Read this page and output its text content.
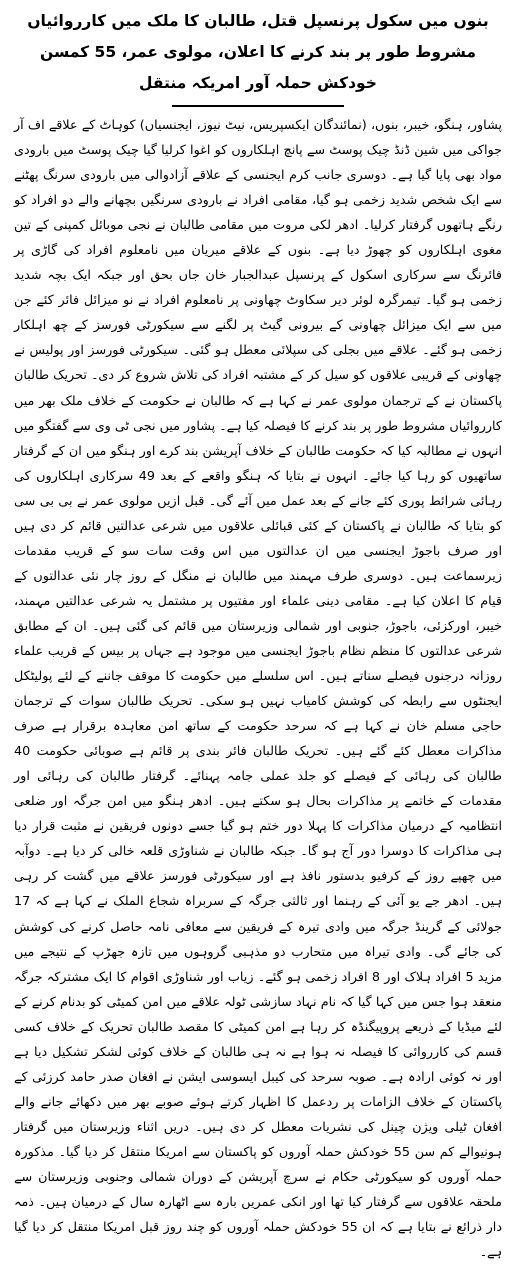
بنوں میں سکول پرنسپل قتل، طالبان کا ملک میں کارروائیاں مشروط طور پر بند کرنے کا اعلان، مولوی عمر، 55 کمسن خودکش حملہ آور امریکہ منتقل

پشاور، ہنگو، خیبر، بنوں، (نمائندگان ایکسپریس، نیٹ نیوز، ایجنسیاں) کوہاٹ کے علاقے اف آر جواکی میں شین ڈنڈ چیک پوسٹ سے پانچ اہلکاروں کو اغوا کرلیا گیا چیک پوسٹ میں بارودی مواد بھی پایا گیا ہے۔ دوسری جانب کرم ایجنسی کے علاقے آزادوالی میں بارودی سرنگ پھٹنے سے ایک شخص شدید زخمی ہو گیا، مقامی افراد نے بارودی سرنگیں بچھانے والے دو افراد کو رنگے ہاتھوں گرفتار کرلیا۔ ادھر لکی مروت میں مقامی طالبان نے نجی موبائل کمپنی کے تین مغوی اہلکاروں کو چھوڑ دیا ہے۔ بنوں کے علاقے میریان میں نامعلوم افراد کی گاڑی پر فائرنگ سے سرکاری اسکول کے پرنسپل عبدالجبار خان جاں بحق اور جبکہ ایک بچہ شدید زخمی ہو گیا۔ تیمرگرہ لوئر دیر سکاوٹ چھاونی پر نامعلوم افراد نے نو میزائل فائر کئے جن میں سے ایک میزائل چھاونی کے بیرونی گیٹ پر لگنے سے سیکورٹی فورسز کے چھ اہلکار زخمی ہو گئے۔ علاقے میں بجلی کی سپلائی معطل ہو گئی۔ سیکورٹی فورسز اور پولیس نے چھاونی کے قریبی علاقوں کو سیل کر کے مشتبہ افراد کی تلاش شروع کر دی۔ تحریک طالبان پاکستان نے کے ترجمان مولوی عمر نے کہا ہے کہ طالبان نے حکومت کے خلاف ملک بھر میں کارروائیاں مشروط طور پر بند کرنے کا فیصلہ کیا ہے۔ پشاور میں نجی ٹی وی سے گفتگو میں انہوں نے مطالبہ کیا کہ حکومت طالبان کے خلاف آپریشن بند کرے اور ہنگو میں ان کے گرفتار ساتھیوں کو رہا کیا جائے۔ انہوں نے بتایا کہ ہنگو واقعے کے بعد 49 سرکاری اہلکاروں کی رہائی شرائط پوری کئے جانے کے بعد عمل میں آئے گی۔ قبل ازیں مولوی عمر نے بی بی سی کو بتایا کہ طالبان نے پاکستان کے کئی قبائلی علاقوں میں شرعی عدالتیں قائم کر دی ہیں اور صرف باجوڑ ایجنسی میں ان عدالتوں میں اس وقت سات سو کے قریب مقدمات زیرسماعت ہیں۔ دوسری طرف مہمند میں طالبان نے منگل کے روز چار نئی عدالتوں کے قیام کا اعلان کیا ہے۔ مقامی دینی علماء اور مفتیوں پر مشتمل یہ شرعی عدالتیں مہمند، خیبر، اورکزئی، باجوڑ، جنوبی اور شمالی وزیرستان میں قائم کی گئی ہیں۔ ان کے مطابق شرعی عدالتوں کا منظم نظام باجوڑ ایجنسی میں موجود ہے جہاں پر بیس کے قریب علماء روزانہ درجنوں فیصلے سناتے ہیں۔ اس سلسلے میں حکومت کا موقف جاننے کے لئے پولیٹکل ایجنٹوں سے رابطہ کی کوشش کامیاب نہیں ہو سکی۔ تحریک طالبان سوات کے ترجمان حاجی مسلم خان نے کہا ہے کہ سرحد حکومت کے ساتھ امن معاہدہ برقرار ہے صرف مذاکرات معطل کئے گئے ہیں۔ تحریک طالبان فائر بندی پر قائم ہے صوبائی حکومت 40 طالبان کی رہائی کے فیصلے کو جلد عملی جامہ پہنائے۔ گرفتار طالبان کی رہائی اور مقدمات کے خاتمے پر مذاکرات بحال ہو سکتے ہیں۔ ادھر ہنگو میں امن جرگہ اور ضلعی انتظامیہ کے درمیان مذاکرات کا پہلا دور ختم ہو گیا جسے دونوں فریقین نے مثبت قرار دیا ہی مذاکرات کا دوسرا دور آج ہو گا۔ جبکہ طالبان نے شناوڑی قلعہ خالی کر دیا ہے۔ دوآبہ میں چھپے روز کے کرفیو بدستور نافذ ہے اور سیکورٹی فورسز علاقے میں گشت کر رہی ہیں۔ ادھر جے یو آئی کے رہنما اور ثالثی جرگہ کے سربراہ شجاع الملک نے کہا ہے کہ 17 جولائی کے گرینڈ جرگہ میں وادی تیرہ کے فریقین سے معافی نامہ حاصل کرنے کی کوشش کی جائے گی۔ وادی تیراہ میں متحارب دو مذہبی گروہوں میں تازہ جھڑپ کے نتیجے میں مزید 5 افراد ہلاک اور 8 افراد زخمی ہو گئے۔ زیاب اور شناوڑی اقوام کا ایک مشترکہ جرگہ منعقد ہوا جس میں کہا گیا کہ نام نہاد سازشی ٹولہ علاقے میں امن کمیٹی کو بدنام کرنے کے لئے میڈیا کے ذریعے پروپیگنڈہ کر رہا ہے امن کمیٹی کا مقصد طالبان تحریک کے خلاف کسی قسم کی کارروائی کا فیصلہ نہ ہوا ہے نہ ہی طالبان کے خلاف کوئی لشکر تشکیل دیا ہے اور نہ کوئی ارادہ ہے۔ صوبہ سرحد کی کیبل ایسوسی ایشن نے افغان صدر حامد کرزئی کے پاکستان کے خلاف الزامات پر ردعمل کا اظہار کرتے ہوئے صوبے بھر میں دکھائے جانے والے افغان ٹیلی ویژن چینل کی نشریات معطل کر دی ہیں۔ دریں اثناء وزیرستان میں گرفتار ہونیوالے کم سن 55 خودکش حملہ آوروں کو پاکستان سے امریکا منتقل کر دیا گیا۔ مذکورہ حملہ آوروں کو سیکورٹی حکام نے سرچ آپریشن کے دوران شمالی وجنوبی وزیرستان سے ملحقہ علاقوں سے گرفتار کیا تھا اور انکی عمریں بارہ سے اٹھارہ سال کے درمیان ہیں۔ ذمہ دار ذرائع نے بتایا ہے کہ ان 55 خودکش حملہ آوروں کو چند روز قبل امریکا منتقل کر دیا گیا ہے۔
